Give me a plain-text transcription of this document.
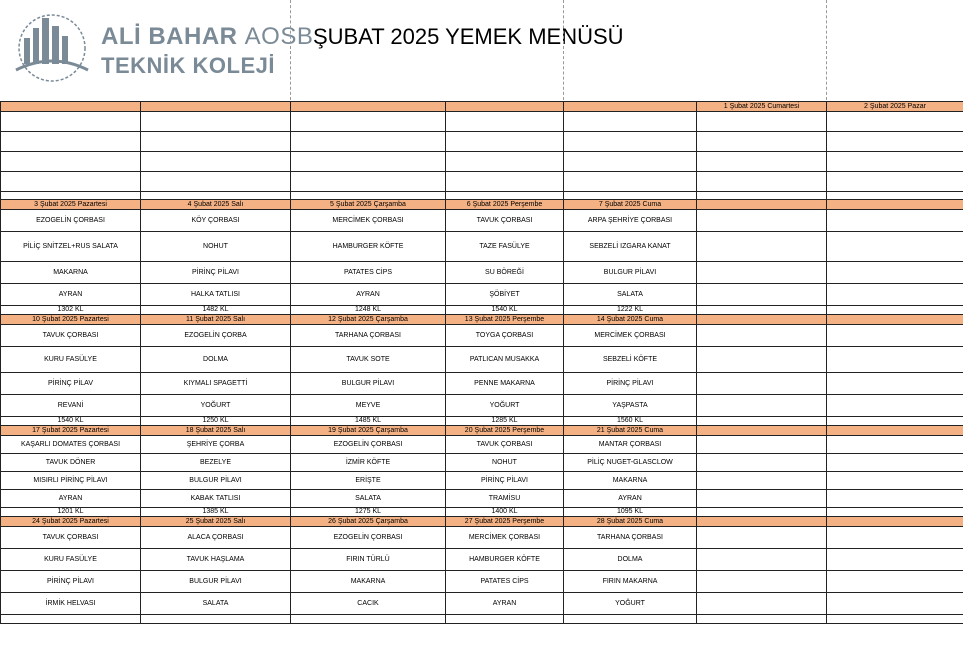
ALİ BAHAR AOSB
TEKNİK KOLEJİ
ŞUBAT 2025 YEMEK MENÜSÜ
					1 Şubat 2025 Cumartesi	2 Şubat 2025 Pazar

3 Şubat 2025 Pazartesi	4 Şubat 2025 Salı	5 Şubat 2025 Çarşamba	6 Şubat 2025 Perşembe	7 Şubat 2025 Cuma		
EZOGELİN ÇORBASI	KÖY ÇORBASI	MERCİMEK ÇORBASI	TAVUK ÇORBASI	ARPA ŞEHRİYE ÇORBASI		
PİLİÇ SNİTZEL+RUS SALATA	NOHUT	HAMBURGER KÖFTE	TAZE FASÜLYE	SEBZELİ IZGARA KANAT		
MAKARNA	PİRİNÇ PİLAVI	PATATES CİPS	SU BÖREĞİ	BULGUR PİLAVI		
AYRAN	HALKA TATLISI	AYRAN	ŞÖBİYET	SALATA		
1302 KL	1482 KL	1248 KL	1540 KL	1222 KL		
10 Şubat 2025 Pazartesi	11 Şubat 2025 Salı	12 Şubat 2025 Çarşamba	13 Şubat 2025 Perşembe	14 Şubat 2025 Cuma		
TAVUK ÇORBASI	EZOGELİN ÇORBA	TARHANA ÇORBASI	TOYGA ÇORBASI	MERCİMEK ÇORBASI		
KURU FASÜLYE	DOLMA	TAVUK SOTE	PATLICAN MUSAKKA	SEBZELİ KÖFTE		
PİRİNÇ PİLAV	KIYMALI SPAGETTİ	BULGUR PİLAVI	PENNE MAKARNA	PİRİNÇ PİLAVI		
REVANİ	YOĞURT	MEYVE	YOĞURT	YAŞPASTA		
1540 KL	1250 KL	1485 KL	1285 KL	1560 KL		
17 Şubat 2025 Pazartesi	18 Şubat 2025 Salı	19 Şubat 2025 Çarşamba	20 Şubat 2025 Perşembe	21 Şubat 2025 Cuma		
KAŞARLI DOMATES ÇORBASI	ŞEHRİYE ÇORBA	EZOGELİN ÇORBASI	TAVUK ÇORBASI	MANTAR ÇORBASI		
TAVUK DÖNER	BEZELYE	İZMİR KÖFTE	NOHUT	PİLİÇ NUGET-GLASCLOW		
MISIRLI PİRİNÇ PİLAVI	BULGUR PİLAVI	ERİŞTE	PİRİNÇ PİLAVI	MAKARNA		
AYRAN	KABAK TATLISI	SALATA	TRAMİSU	AYRAN		
1201 KL	1385 KL	1275 KL	1400 KL	1095 KL		
24 Şubat 2025 Pazartesi	25 Şubat 2025 Salı	26 Şubat 2025 Çarşamba	27 Şubat 2025 Perşembe	28 Şubat 2025 Cuma		
TAVUK ÇORBASI	ALACA ÇORBASI	EZOGELİN ÇORBASI	MERCİMEK ÇORBASI	TARHANA ÇORBASI		
KURU FASÜLYE	TAVUK HAŞLAMA	FIRIN TÜRLÜ	HAMBURGER KÖFTE	DOLMA		
PİRİNÇ PİLAVI	BULGUR PİLAVI	MAKARNA	PATATES CİPS	FIRIN MAKARNA		
İRMİK HELVASI	SALATA	CACIK	AYRAN	YOĞURT		
